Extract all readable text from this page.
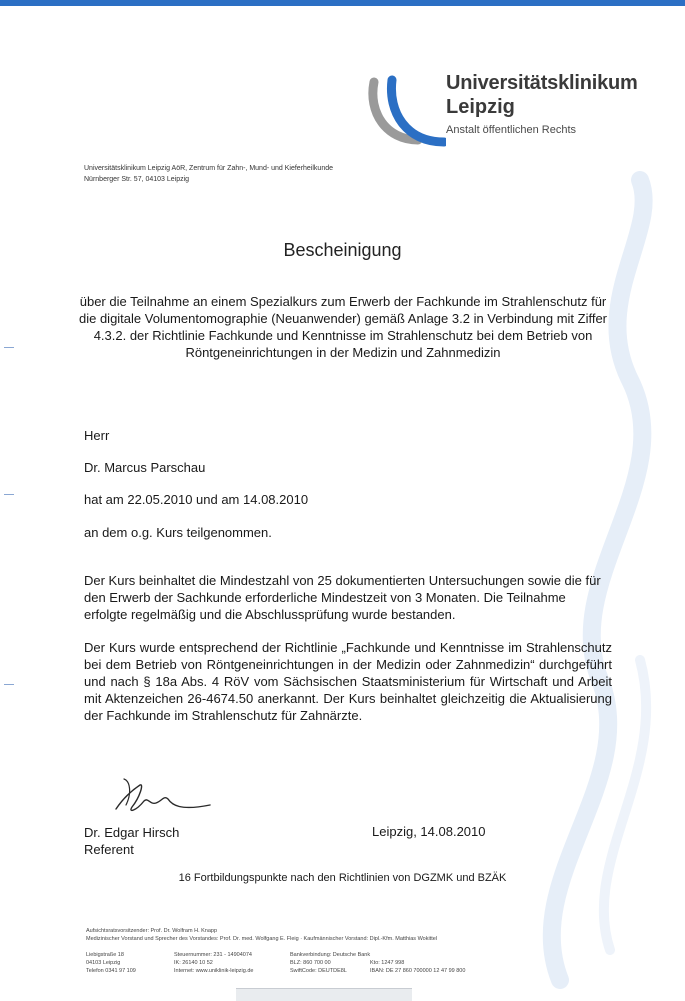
Universitätsklinikum
Leipzig
Anstalt öffentlichen Rechts
Universitätsklinikum Leipzig AöR, Zentrum für Zahn-, Mund- und Kieferheilkunde
Nürnberger Str. 57, 04103 Leipzig
Bescheinigung
über die Teilnahme an einem Spezialkurs zum Erwerb der Fachkunde im Strahlenschutz für die digitale Volumentomographie (Neuanwender) gemäß Anlage 3.2 in Verbindung mit Ziffer 4.3.2. der Richtlinie Fachkunde und Kenntnisse im Strahlenschutz bei dem Betrieb von Röntgeneinrichtungen in der Medizin und Zahnmedizin
Herr
Dr. Marcus Parschau
hat am 22.05.2010 und am 14.08.2010
an dem o.g. Kurs teilgenommen.
Der Kurs beinhaltet die Mindestzahl von 25 dokumentierten Untersuchungen sowie die für den Erwerb der Sachkunde erforderliche Mindestzeit von 3 Monaten. Die Teilnahme erfolgte regelmäßig und die Abschlussprüfung wurde bestanden.
Der Kurs wurde entsprechend der Richtlinie „Fachkunde und Kenntnisse im Strahlenschutz bei dem Betrieb von Röntgeneinrichtungen in der Medizin oder Zahnmedizin“ durchgeführt und nach § 18a Abs. 4 RöV vom Sächsischen Staatsministerium für Wirtschaft und Arbeit mit Aktenzeichen 26-4674.50 anerkannt. Der Kurs beinhaltet gleichzeitig die Aktualisierung der Fachkunde im Strahlenschutz für Zahnärzte.
Dr. Edgar Hirsch
Referent
Leipzig, 14.08.2010
16 Fortbildungspunkte nach den Richtlinien von DGZMK und BZÄK
Aufsichtsratsvorsitzender: Prof. Dr. Wolfram H. Knapp
Medizinischer Vorstand und Sprecher des Vorstandes: Prof. Dr. med. Wolfgang E. Fleig · Kaufmännischer Vorstand: Dipl.-Kfm. Matthias Wokittel
Liebigstraße 18
04103 Leipzig
Telefon 0341 97 109
Steuernummer: 231 - 14904074
IK: 26140 10 52
Internet: www.uniklinik-leipzig.de
Bankverbindung: Deutsche Bank
BLZ: 860 700 00
SwiftCode: DEUTDE8L

Kto: 1247 998
IBAN: DE 27 860 700000 12 47 99 800
